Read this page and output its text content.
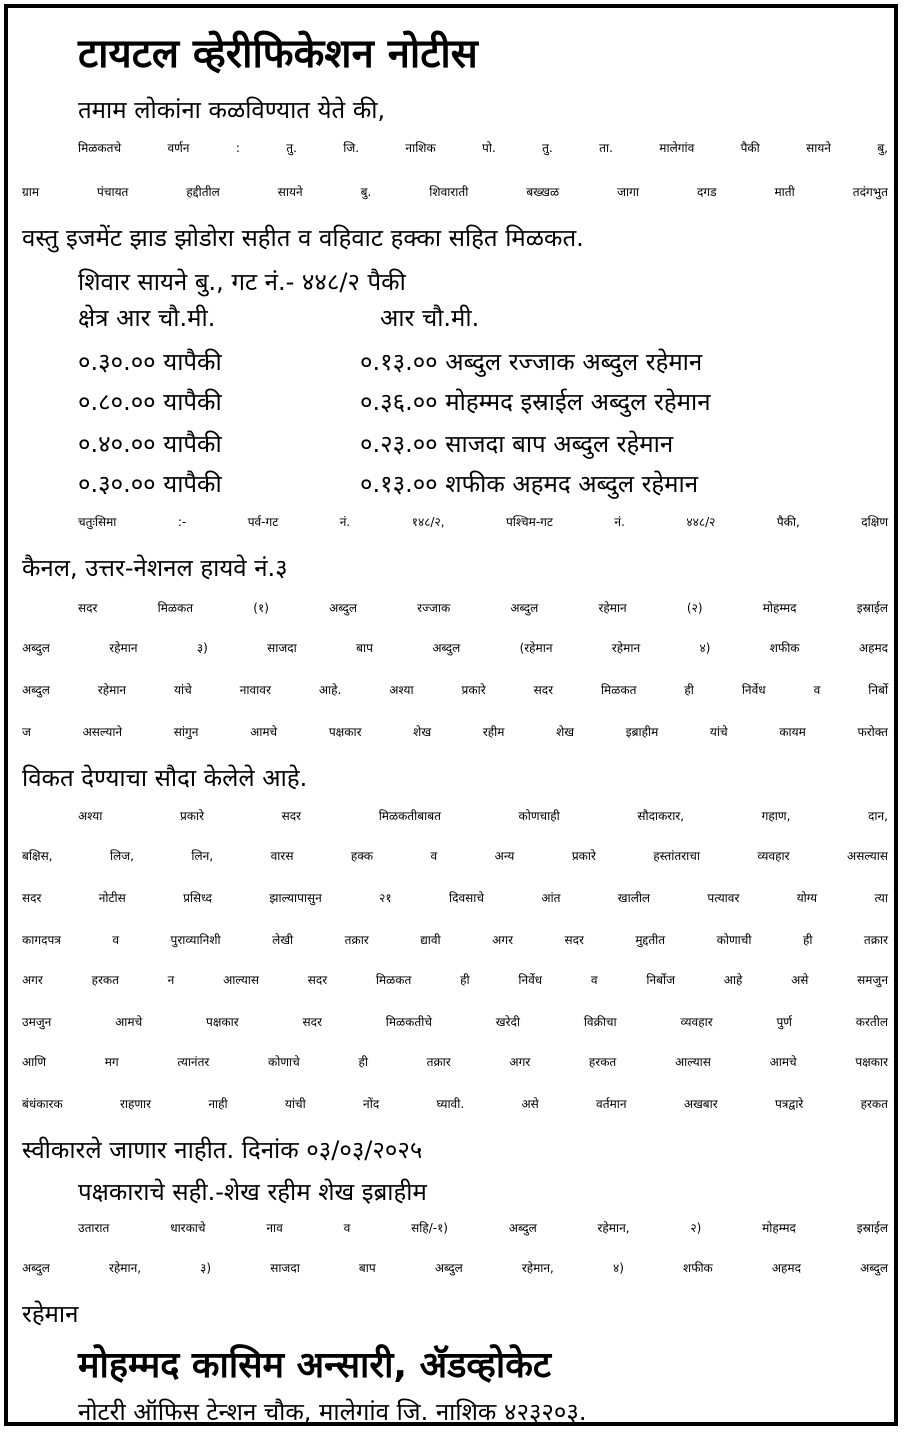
टायटल व्हेरीफिकेशन नोटीस
तमाम लोकांना कळविण्यात येते की,
मिळकतचे वर्णन : तु. जि. नाशिक पो. तु. ता. मालेगांव पैकी सायने बु,
ग्राम पंचायत हद्दीतील सायने बु. शिवाराती बख्खळ जागा दगड माती तदंगभुत
वस्तु इजमेंट झाड झोडोरा सहीत व वहिवाट हक्का सहित मिळकत.
शिवार सायने बु., गट नं.- ४४८/२ पैकी
क्षेत्र आर चौ.मी.	आर चौ.मी.
०.३०.०० यापैकी	०.१३.०० अब्दुल रज्जाक अब्दुल रहेमान
०.८०.०० यापैकी	०.३६.०० मोहम्मद इस्राईल अब्दुल रहेमान
०.४०.०० यापैकी	०.२३.०० साजदा बाप अब्दुल रहेमान
०.३०.०० यापैकी	०.१३.०० शफीक अहमद अब्दुल रहेमान
चतुःसिमा :- पर्व-गट नं. १४८/२, पश्चिम-गट नं. ४४८/२ पैकी, दक्षिण
कैनल, उत्तर-नेशनल हायवे नं.३
सदर मिळकत (१) अब्दुल रज्जाक अब्दुल रहेमान (२) मोहम्मद इस्राईल
अब्दुल रहेमान ३) साजदा बाप अब्दुल (रहेमान रहेमान ४) शफीक अहमद
अब्दुल रहेमान यांचे नावावर आहे. अश्या प्रकारे सदर मिळकत ही निर्वेध व निर्बो
ज असल्याने सांगुन आमचे पक्षकार शेख रहीम शेख इब्राहीम यांचे कायम फरोक्त
विकत देण्याचा सौदा केलेले आहे.
अश्या प्रकारे सदर मिळकतीबाबत कोणचाही सौदाकरार, गहाण, दान,
बक्षिस, लिज, लिन, वारस हक्क व अन्य प्रकारे हस्तांतराचा व्यवहार असल्यास
सदर नोटीस प्रसिध्द झाल्यापासुन २१ दिवसाचे आंत खालील पत्यावर योग्य त्या
कागदपत्र व पुराव्यानिशी लेखी तक्रार द्यावी अगर सदर मुद्दतीत कोणाची ही तक्रार
अगर हरकत न आल्यास सदर मिळकत ही निर्वेध व निर्बोज आहे असे समजुन
उमजुन आमचे पक्षकार सदर मिळकतीचे खरेदी विक्रीचा व्यवहार पुर्ण करतील
आणि मग त्यानंतर कोणाचे ही तक्रार अगर हरकत आल्यास आमचे पक्षकार
बंधंकारक राहणार नाही यांची नोंद घ्यावी. असे वर्तमान अखबार पत्रद्वारे हरकत
स्वीकारले जाणार नाहीत. दिनांक ०३/०३/२०२५
पक्षकाराचे सही.-शेख रहीम शेख इब्राहीम
उतारात धारकाचे नाव व सहि/-१) अब्दुल रहेमान, २) मोहम्मद इस्राईल
अब्दुल रहेमान, ३) साजदा बाप अब्दुल रहेमान, ४) शफीक अहमद अब्दुल
रहेमान
मोहम्मद कासिम अन्सारी, ॲडव्होकेट
नोटरी ऑफिस टेन्शन चौक, मालेगांव जि. नाशिक ४२३२०३.
